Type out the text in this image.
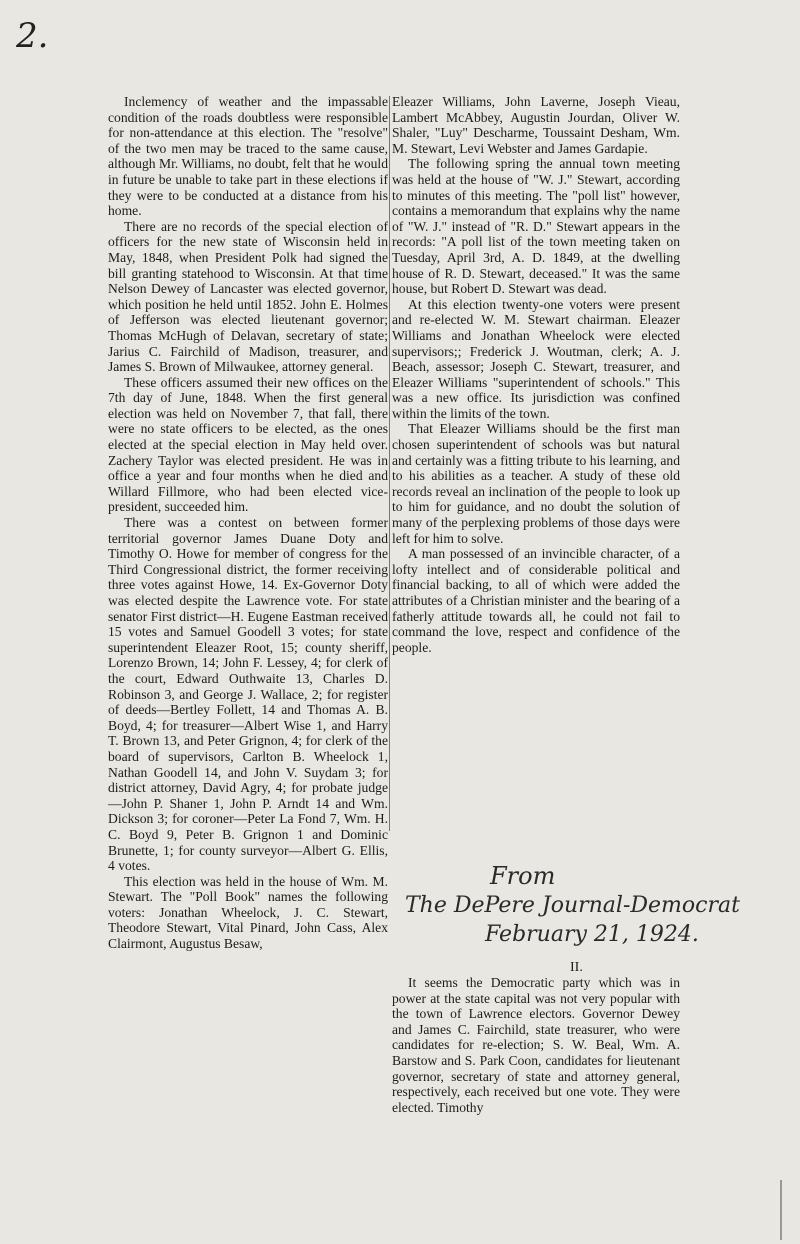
2.

Inclemency of weather and the impassable condition of the roads doubtless were responsible for non-attendance at this election. The "resolve" of the two men may be traced to the same cause, although Mr. Williams, no doubt, felt that he would in future be unable to take part in these elections if they were to be conducted at a distance from his home.

There are no records of the special election of officers for the new state of Wisconsin held in May, 1848, when President Polk had signed the bill granting statehood to Wisconsin. At that time Nelson Dewey of Lancaster was elected governor, which position he held until 1852. John E. Holmes of Jefferson was elected lieutenant governor; Thomas McHugh of Delavan, secretary of state; Jarius C. Fairchild of Madison, treasurer, and James S. Brown of Milwaukee, attorney general.

These officers assumed their new offices on the 7th day of June, 1848. When the first general election was held on November 7, that fall, there were no state officers to be elected, as the ones elected at the special election in May held over. Zachery Taylor was elected president. He was in office a year and four months when he died and Willard Fillmore, who had been elected vice-president, succeeded him.

There was a contest on between former territorial governor James Duane Doty and Timothy O. Howe for member of congress for the Third Congressional district, the former receiving three votes against Howe, 14. Ex-Governor Doty was elected despite the Lawrence vote. For state senator First district—H. Eugene Eastman received 15 votes and Samuel Goodell 3 votes; for state superintendent Eleazer Root, 15; county sheriff, Lorenzo Brown, 14; John F. Lessey, 4; for clerk of the court, Edward Outhwaite 13, Charles D. Robinson 3, and George J. Wallace, 2; for register of deeds—Bertley Follett, 14 and Thomas A. B. Boyd, 4; for treasurer—Albert Wise 1, and Harry T. Brown 13, and Peter Grignon, 4; for clerk of the board of supervisors, Carlton B. Wheelock 1, Nathan Goodell 14, and John V. Suydam 3; for district attorney, David Agry, 4; for probate judge —John P. Shaner 1, John P. Arndt 14 and Wm. Dickson 3; for coroner—Peter La Fond 7, Wm. H. C. Boyd 9, Peter B. Grignon 1 and Dominic Brunette, 1; for county surveyor—Albert G. Ellis, 4 votes.

This election was held in the house of Wm. M. Stewart. The "Poll Book" names the following voters: Jonathan Wheelock, J. C. Stewart, Theodore Stewart, Vital Pinard, John Cass, Alex Clairmont, Augustus Besaw,

Eleazer Williams, John Laverne, Joseph Vieau, Lambert McAbbey, Augustin Jourdan, Oliver W. Shaler, "Luy" Descharme, Toussaint Desham, Wm. M. Stewart, Levi Webster and James Gardapie.

The following spring the annual town meeting was held at the house of "W. J." Stewart, according to minutes of this meeting. The "poll list" however, contains a memorandum that explains why the name of "W. J." instead of "R. D." Stewart appears in the records: "A poll list of the town meeting taken on Tuesday, April 3rd, A. D. 1849, at the dwelling house of R. D. Stewart, deceased." It was the same house, but Robert D. Stewart was dead.

At this election twenty-one voters were present and re-elected W. M. Stewart chairman. Eleazer Williams and Jonathan Wheelock were elected supervisors;; Frederick J. Woutman, clerk; A. J. Beach, assessor; Joseph C. Stewart, treasurer, and Eleazer Williams "superintendent of schools." This was a new office. Its jurisdiction was confined within the limits of the town.

That Eleazer Williams should be the first man chosen superintendent of schools was but natural and certainly was a fitting tribute to his learning, and to his abilities as a teacher. A study of these old records reveal an inclination of the people to look up to him for guidance, and no doubt the solution of many of the perplexing problems of those days were left for him to solve.

A man possessed of an invincible character, of a lofty intellect and of considerable political and financial backing, to all of which were added the attributes of a Christian minister and the bearing of a fatherly attitude towards all, he could not fail to command the love, respect and confidence of the people.

From
The DePere Journal-Democrat
February 21, 1924.
II.

It seems the Democratic party which was in power at the state capital was not very popular with the town of Lawrence electors. Governor Dewey and James C. Fairchild, state treasurer, who were candidates for re-election; S. W. Beal, Wm. A. Barstow and S. Park Coon, candidates for lieutenant governor, secretary of state and attorney general, respectively, each received but one vote. They were elected. Timothy
